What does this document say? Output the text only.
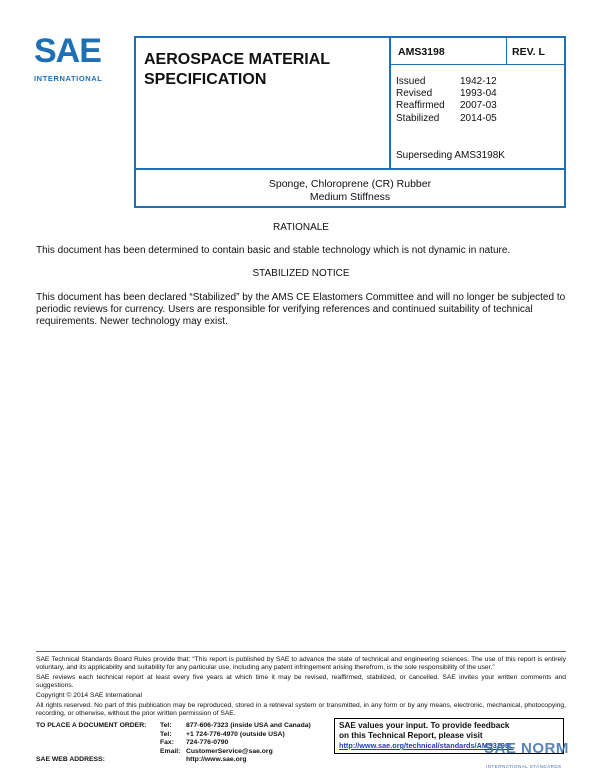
SAE
INTERNATIONAL
AEROSPACE MATERIAL
SPECIFICATION
AMS3198	REV. L
Issued	1942-12
Revised	1993-04
Reaffirmed	2007-03
Stabilized	2014-05
Superseding AMS3198K
Sponge, Chloroprene (CR) Rubber
Medium Stiffness
RATIONALE
This document has been determined to contain basic and stable technology which is not dynamic in nature.
STABILIZED NOTICE
This document has been declared “Stabilized” by the AMS CE Elastomers Committee and will no longer be subjected to periodic reviews for currency. Users are responsible for verifying references and continued suitability of technical requirements. Newer technology may exist.
SAE Technical Standards Board Rules provide that: “This report is published by SAE to advance the state of technical and engineering sciences. The use of this report is entirely voluntary, and its applicability and suitability for any particular use, including any patent infringement arising therefrom, is the sole responsibility of the user.”
SAE reviews each technical report at least every five years at which time it may be revised, reaffirmed, stabilized, or cancelled. SAE invites your written comments and suggestions.
Copyright © 2014 SAE International
All rights reserved. No part of this publication may be reproduced, stored in a retrieval system or transmitted, in any form or by any means, electronic, mechanical, photocopying, recording, or otherwise, without the prior written permission of SAE.
TO PLACE A DOCUMENT ORDER:	Tel: 877-606-7323 (inside USA and Canada)
Tel: +1 724-776-4970 (outside USA)
Fax: 724-776-0790
Email: CustomerService@sae.org
SAE WEB ADDRESS:	http://www.sae.org
SAE values your input. To provide feedback
on this Technical Report, please visit
http://www.sae.org/technical/standards/AMS3198L
SAE NORM
INTERNATIONAL STANDARDS
